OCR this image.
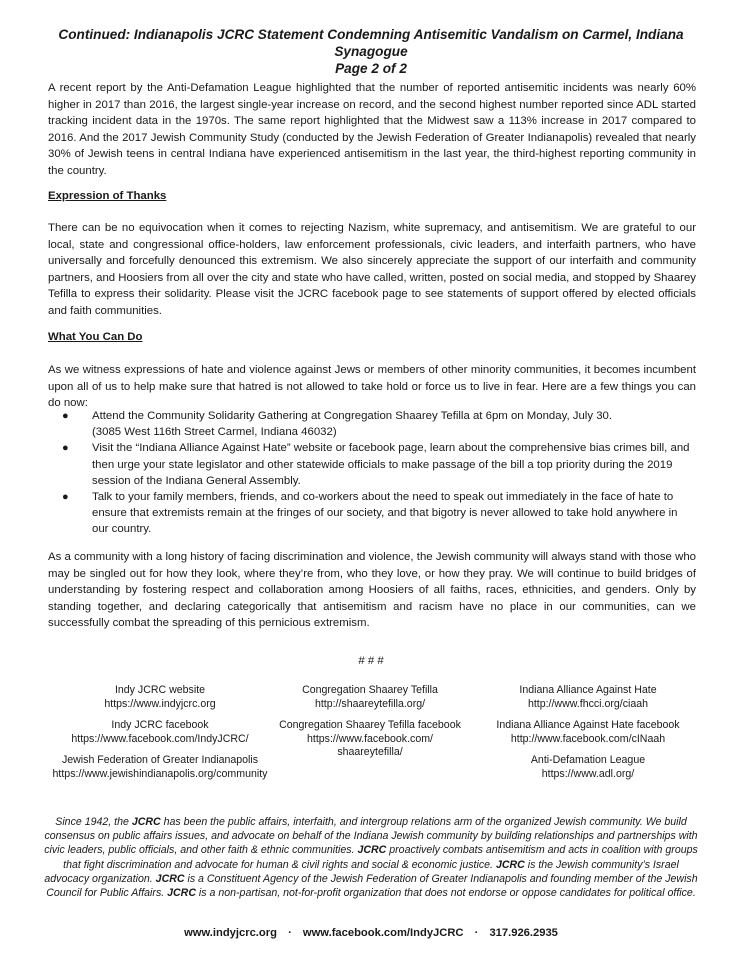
Continued: Indianapolis JCRC Statement Condemning Antisemitic Vandalism on Carmel, Indiana Synagogue
Page 2 of 2

A recent report by the Anti-Defamation League highlighted that the number of reported antisemitic incidents was nearly 60% higher in 2017 than 2016, the largest single-year increase on record, and the second highest number reported since ADL started tracking incident data in the 1970s. The same report highlighted that the Midwest saw a 113% increase in 2017 compared to 2016. And the 2017 Jewish Community Study (conducted by the Jewish Federation of Greater Indianapolis) revealed that nearly 30% of Jewish teens in central Indiana have experienced antisemitism in the last year, the third-highest reporting community in the country.

Expression of Thanks

There can be no equivocation when it comes to rejecting Nazism, white supremacy, and antisemitism. We are grateful to our local, state and congressional office-holders, law enforcement professionals, civic leaders, and interfaith partners, who have universally and forcefully denounced this extremism. We also sincerely appreciate the support of our interfaith and community partners, and Hoosiers from all over the city and state who have called, written, posted on social media, and stopped by Shaarey Tefilla to express their solidarity. Please visit the JCRC facebook page to see statements of support offered by elected officials and faith communities.

What You Can Do

As we witness expressions of hate and violence against Jews or members of other minority communities, it becomes incumbent upon all of us to help make sure that hatred is not allowed to take hold or force us to live in fear. Here are a few things you can do now:

● Attend the Community Solidarity Gathering at Congregation Shaarey Tefilla at 6pm on Monday, July 30.
(3085 West 116th Street Carmel, Indiana 46032)
● Visit the “Indiana Alliance Against Hate” website or facebook page, learn about the comprehensive bias crimes bill, and then urge your state legislator and other statewide officials to make passage of the bill a top priority during the 2019 session of the Indiana General Assembly.
● Talk to your family members, friends, and co-workers about the need to speak out immediately in the face of hate to ensure that extremists remain at the fringes of our society, and that bigotry is never allowed to take hold anywhere in our country.

As a community with a long history of facing discrimination and violence, the Jewish community will always stand with those who may be singled out for how they look, where they’re from, who they love, or how they pray. We will continue to build bridges of understanding by fostering respect and collaboration among Hoosiers of all faiths, races, ethnicities, and genders. Only by standing together, and declaring categorically that antisemitism and racism have no place in our communities, can we successfully combat the spreading of this pernicious extremism.

# # #

Indy JCRC website
https://www.indyjcrc.org
Indy JCRC facebook
https://www.facebook.com/IndyJCRC/
Jewish Federation of Greater Indianapolis
https://www.jewishindianapolis.org/community
Congregation Shaarey Tefilla
http://shaareytefilla.org/
Congregation Shaarey Tefilla facebook
https://www.facebook.com/
shaareytefilla/
Indiana Alliance Against Hate
http://www.fhcci.org/ciaah
Indiana Alliance Against Hate facebook
http://www.facebook.com/cINaah
Anti-Defamation League
https://www.adl.org/

Since 1942, the JCRC has been the public affairs, interfaith, and intergroup relations arm of the organized Jewish community. We build consensus on public affairs issues, and advocate on behalf of the Indiana Jewish community by building relationships and partnerships with civic leaders, public officials, and other faith & ethnic communities. JCRC proactively combats antisemitism and acts in coalition with groups that fight discrimination and advocate for human & civil rights and social & economic justice. JCRC is the Jewish community’s Israel advocacy organization. JCRC is a Constituent Agency of the Jewish Federation of Greater Indianapolis and founding member of the Jewish Council for Public Affairs. JCRC is a non-partisan, not-for-profit organization that does not endorse or oppose candidates for political office.

www.indyjcrc.org · www.facebook.com/IndyJCRC · 317.926.2935
